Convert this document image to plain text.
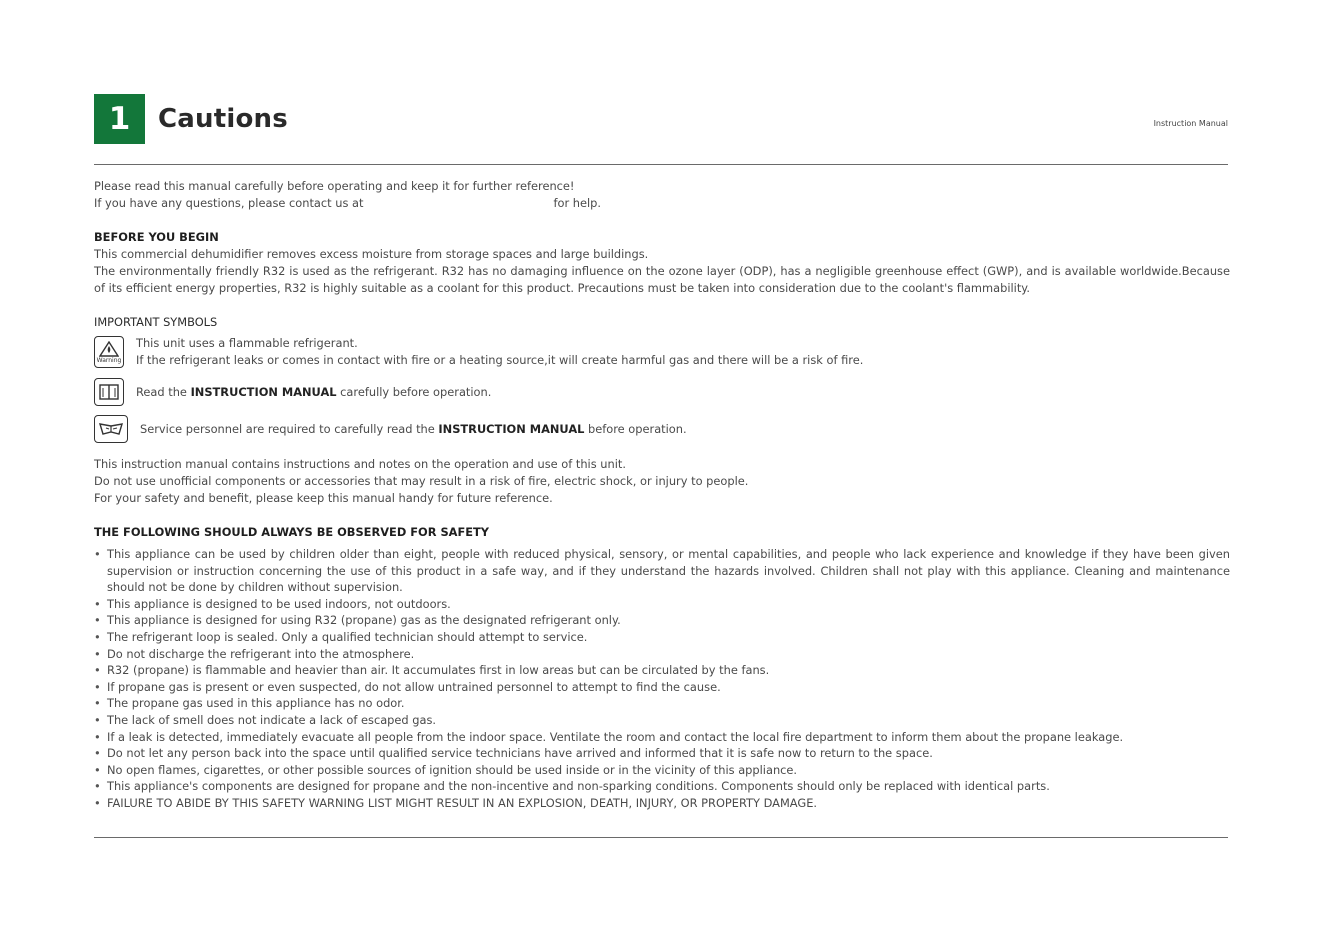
1 Cautions	Instruction Manual
Please read this manual carefully before operating and keep it for further reference!
If you have any questions, please contact us at	for help.
BEFORE YOU BEGIN
This commercial dehumidifier removes excess moisture from storage spaces and large buildings.
The environmentally friendly R32 is used as the refrigerant. R32 has no damaging influence on the ozone layer (ODP), has a negligible greenhouse effect (GWP), and is available worldwide.Because of its efficient energy properties, R32 is highly suitable as a coolant for this product. Precautions must be taken into consideration due to the coolant's flammability.
IMPORTANT SYMBOLS
Warning
This unit uses a flammable refrigerant.
If the refrigerant leaks or comes in contact with fire or a heating source,it will create harmful gas and there will be a risk of fire.
Read the INSTRUCTION MANUAL carefully before operation.
Service personnel are required to carefully read the INSTRUCTION MANUAL before operation.
This instruction manual contains instructions and notes on the operation and use of this unit.
Do not use unofficial components or accessories that may result in a risk of fire, electric shock, or injury to people.
For your safety and benefit, please keep this manual handy for future reference.
THE FOLLOWING SHOULD ALWAYS BE OBSERVED FOR SAFETY
• This appliance can be used by children older than eight, people with reduced physical, sensory, or mental capabilities, and people who lack experience and knowledge if they have been given supervision or instruction concerning the use of this product in a safe way, and if they understand the hazards involved. Children shall not play with this appliance. Cleaning and maintenance should not be done by children without supervision.
• This appliance is designed to be used indoors, not outdoors.
• This appliance is designed for using R32 (propane) gas as the designated refrigerant only.
• The refrigerant loop is sealed. Only a qualified technician should attempt to service.
• Do not discharge the refrigerant into the atmosphere.
• R32 (propane) is flammable and heavier than air. It accumulates first in low areas but can be circulated by the fans.
• If propane gas is present or even suspected, do not allow untrained personnel to attempt to find the cause.
• The propane gas used in this appliance has no odor.
• The lack of smell does not indicate a lack of escaped gas.
• If a leak is detected, immediately evacuate all people from the indoor space. Ventilate the room and contact the local fire department to inform them about the propane leakage.
• Do not let any person back into the space until qualified service technicians have arrived and informed that it is safe now to return to the space.
• No open flames, cigarettes, or other possible sources of ignition should be used inside or in the vicinity of this appliance.
• This appliance's components are designed for propane and the non-incentive and non-sparking conditions. Components should only be replaced with identical parts.
• FAILURE TO ABIDE BY THIS SAFETY WARNING LIST MIGHT RESULT IN AN EXPLOSION, DEATH, INJURY, OR PROPERTY DAMAGE.
